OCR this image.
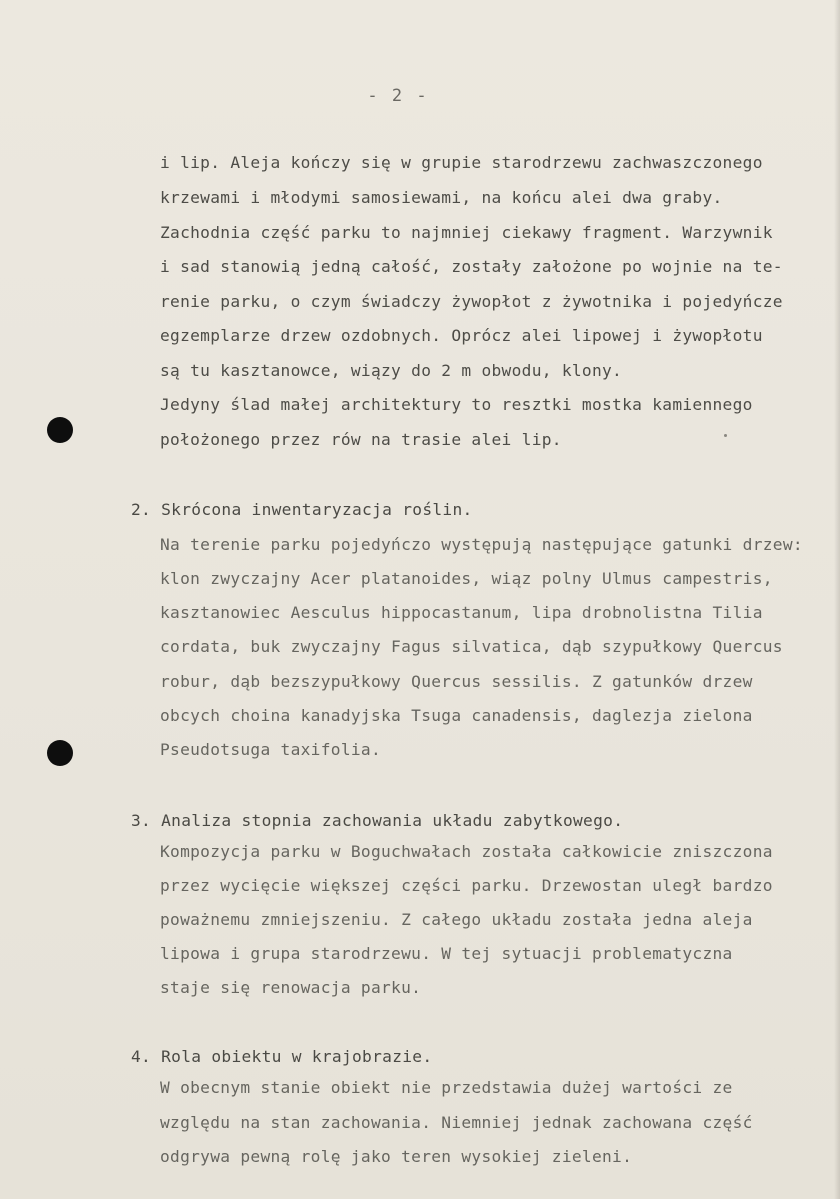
- 2 -
i lip. Aleja kończy się w grupie starodrzewu zachwaszczonego
krzewami i młodymi samosiewami, na końcu alei dwa graby.
Zachodnia część parku to najmniej ciekawy fragment. Warzywnik
i sad stanowią jedną całość, zostały założone po wojnie na te-
renie parku, o czym świadczy żywopłot z żywotnika i pojedyńcze
egzemplarze drzew ozdobnych. Oprócz alei lipowej i żywopłotu
są tu kasztanowce, wiązy do 2 m obwodu, klony.
Jedyny ślad małej architektury to resztki mostka kamiennego
położonego przez rów na trasie alei lip.
2. Skrócona inwentaryzacja roślin.
Na terenie parku pojedyńczo występują następujące gatunki drzew:
klon zwyczajny Acer platanoides, wiąz polny Ulmus campestris,
kasztanowiec Aesculus hippocastanum, lipa drobnolistna Tilia
cordata, buk zwyczajny Fagus silvatica, dąb szypułkowy Quercus
robur, dąb bezszypułkowy Quercus sessilis. Z gatunków drzew
obcych choina kanadyjska Tsuga canadensis, daglezja zielona
Pseudotsuga taxifolia.
3. Analiza stopnia zachowania układu zabytkowego.
Kompozycja parku w Boguchwałach została całkowicie zniszczona
przez wycięcie większej części parku. Drzewostan uległ bardzo
poważnemu zmniejszeniu. Z całego układu została jedna aleja
lipowa i grupa starodrzewu. W tej sytuacji problematyczna
staje się renowacja parku.
4. Rola obiektu w krajobrazie.
W obecnym stanie obiekt nie przedstawia dużej wartości ze
względu na stan zachowania. Niemniej jednak zachowana część
odgrywa pewną rolę jako teren wysokiej zieleni.
